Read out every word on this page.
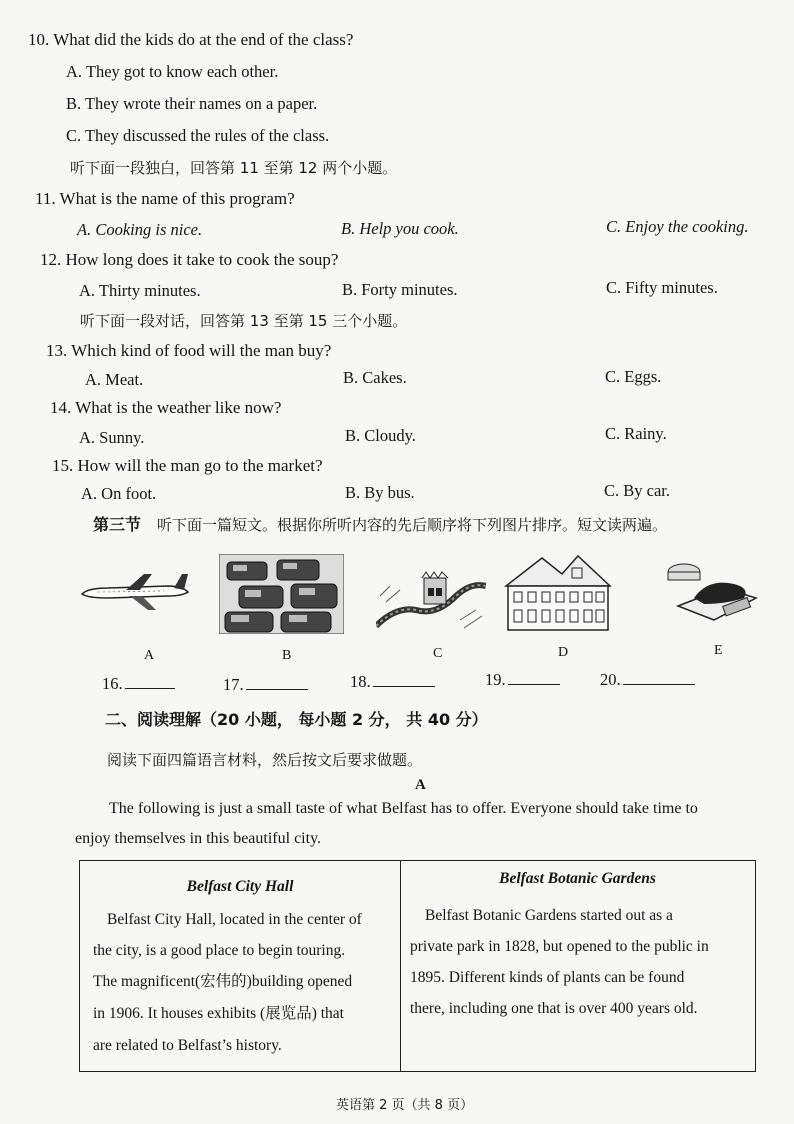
10. What did the kids do at the end of the class?
A. They got to know each other.
B. They wrote their names on a paper.
C. They discussed the rules of the class.
听下面一段独白，回答第 11 至第 12 两个小题。
11. What is the name of this program?
A. Cooking is nice.	B. Help you cook.	C. Enjoy the cooking.
12. How long does it take to cook the soup?
A. Thirty minutes.	B. Forty minutes.	C. Fifty minutes.
听下面一段对话，回答第 13 至第 15 三个小题。
13. Which kind of food will the man buy?
A. Meat.	B. Cakes.	C. Eggs.
14. What is the weather like now?
A. Sunny.	B. Cloudy.	C. Rainy.
15. How will the man go to the market?
A. On foot.	B. By bus.	C. By car.
第三节 听下面一篇短文。根据你所听内容的先后顺序将下列图片排序。短文读两遍。
A	B	C	D	E
16.	17.	18.	19.	20.
二、阅读理解（20 小题， 每小题 2 分， 共 40 分）
阅读下面四篇语言材料，然后按文后要求做题。
A
The following is just a small taste of what Belfast has to offer. Everyone should take time to
enjoy themselves in this beautiful city.
Belfast City Hall
Belfast City Hall, located in the center of
the city, is a good place to begin touring.
The magnificent(宏伟的)building opened
in 1906. It houses exhibits (展览品) that
are related to Belfast’s history.
Belfast Botanic Gardens
Belfast Botanic Gardens started out as a
private park in 1828, but opened to the public in
1895. Different kinds of plants can be found
there, including one that is over 400 years old.
英语第 2 页（共 8 页）
